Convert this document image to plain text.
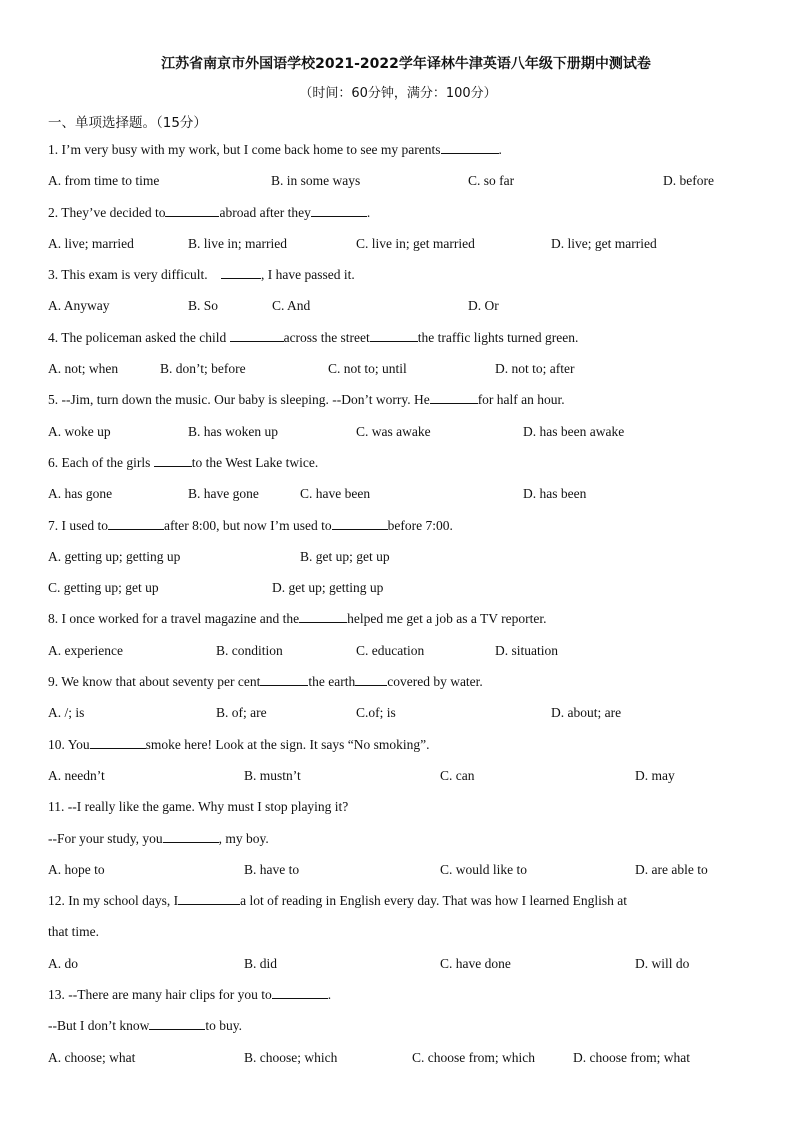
江苏省南京市外国语学校2021-2022学年译林牛津英语八年级下册期中测试卷
（时间：60分钟，满分：100分）
一、单项选择题。（15分）
1. I’m very busy with my work, but I come back home to see my parents	.
A. from time to time	B. in some ways	C. so far	D. before
2. They’ve decided to	abroad after they	.
A. live; married	B. live in; married	C. live in; get married	D. live; get married
3. This exam is very difficult.	, I have passed it.
A. Anyway	B. So	C. And	D. Or
4. The policeman asked the child	across the street	the traffic lights turned green.
A. not; when	B. don’t; before	C. not to; until	D. not to; after
5. --Jim, turn down the music. Our baby is sleeping. --Don’t worry. He	for half an hour.
A. woke up	B. has woken up	C. was awake	D. has been awake
6. Each of the girls	to the West Lake twice.
A. has gone	B. have gone	C. have been	D. has been
7. I used to	after 8:00, but now I’m used to	before 7:00.
A. getting up; getting up	B. get up; get up
C. getting up; get up	D. get up; getting up
8. I once worked for a travel magazine and the	helped me get a job as a TV reporter.
A. experience	B. condition	C. education	D. situation
9. We know that about seventy per cent	the earth covered by water.
A. /; is	B. of; are	C.of; is	D. about; are
10. You	smoke here! Look at the sign. It says “No smoking”.
A. needn’t	B. mustn’t	C. can	D. may
11. --I really like the game. Why must I stop playing it?
--For your study, you	, my boy.
A. hope to	B. have to	C. would like to	D. are able to
12. In my school days, I	a lot of reading in English every day. That was how I learned English at
that time.
A. do	B. did	C. have done	D. will do
13. --There are many hair clips for you to	.
--But I don’t know	to buy.
A. choose; what	B. choose; which	C. choose from; which	D. choose from; what
